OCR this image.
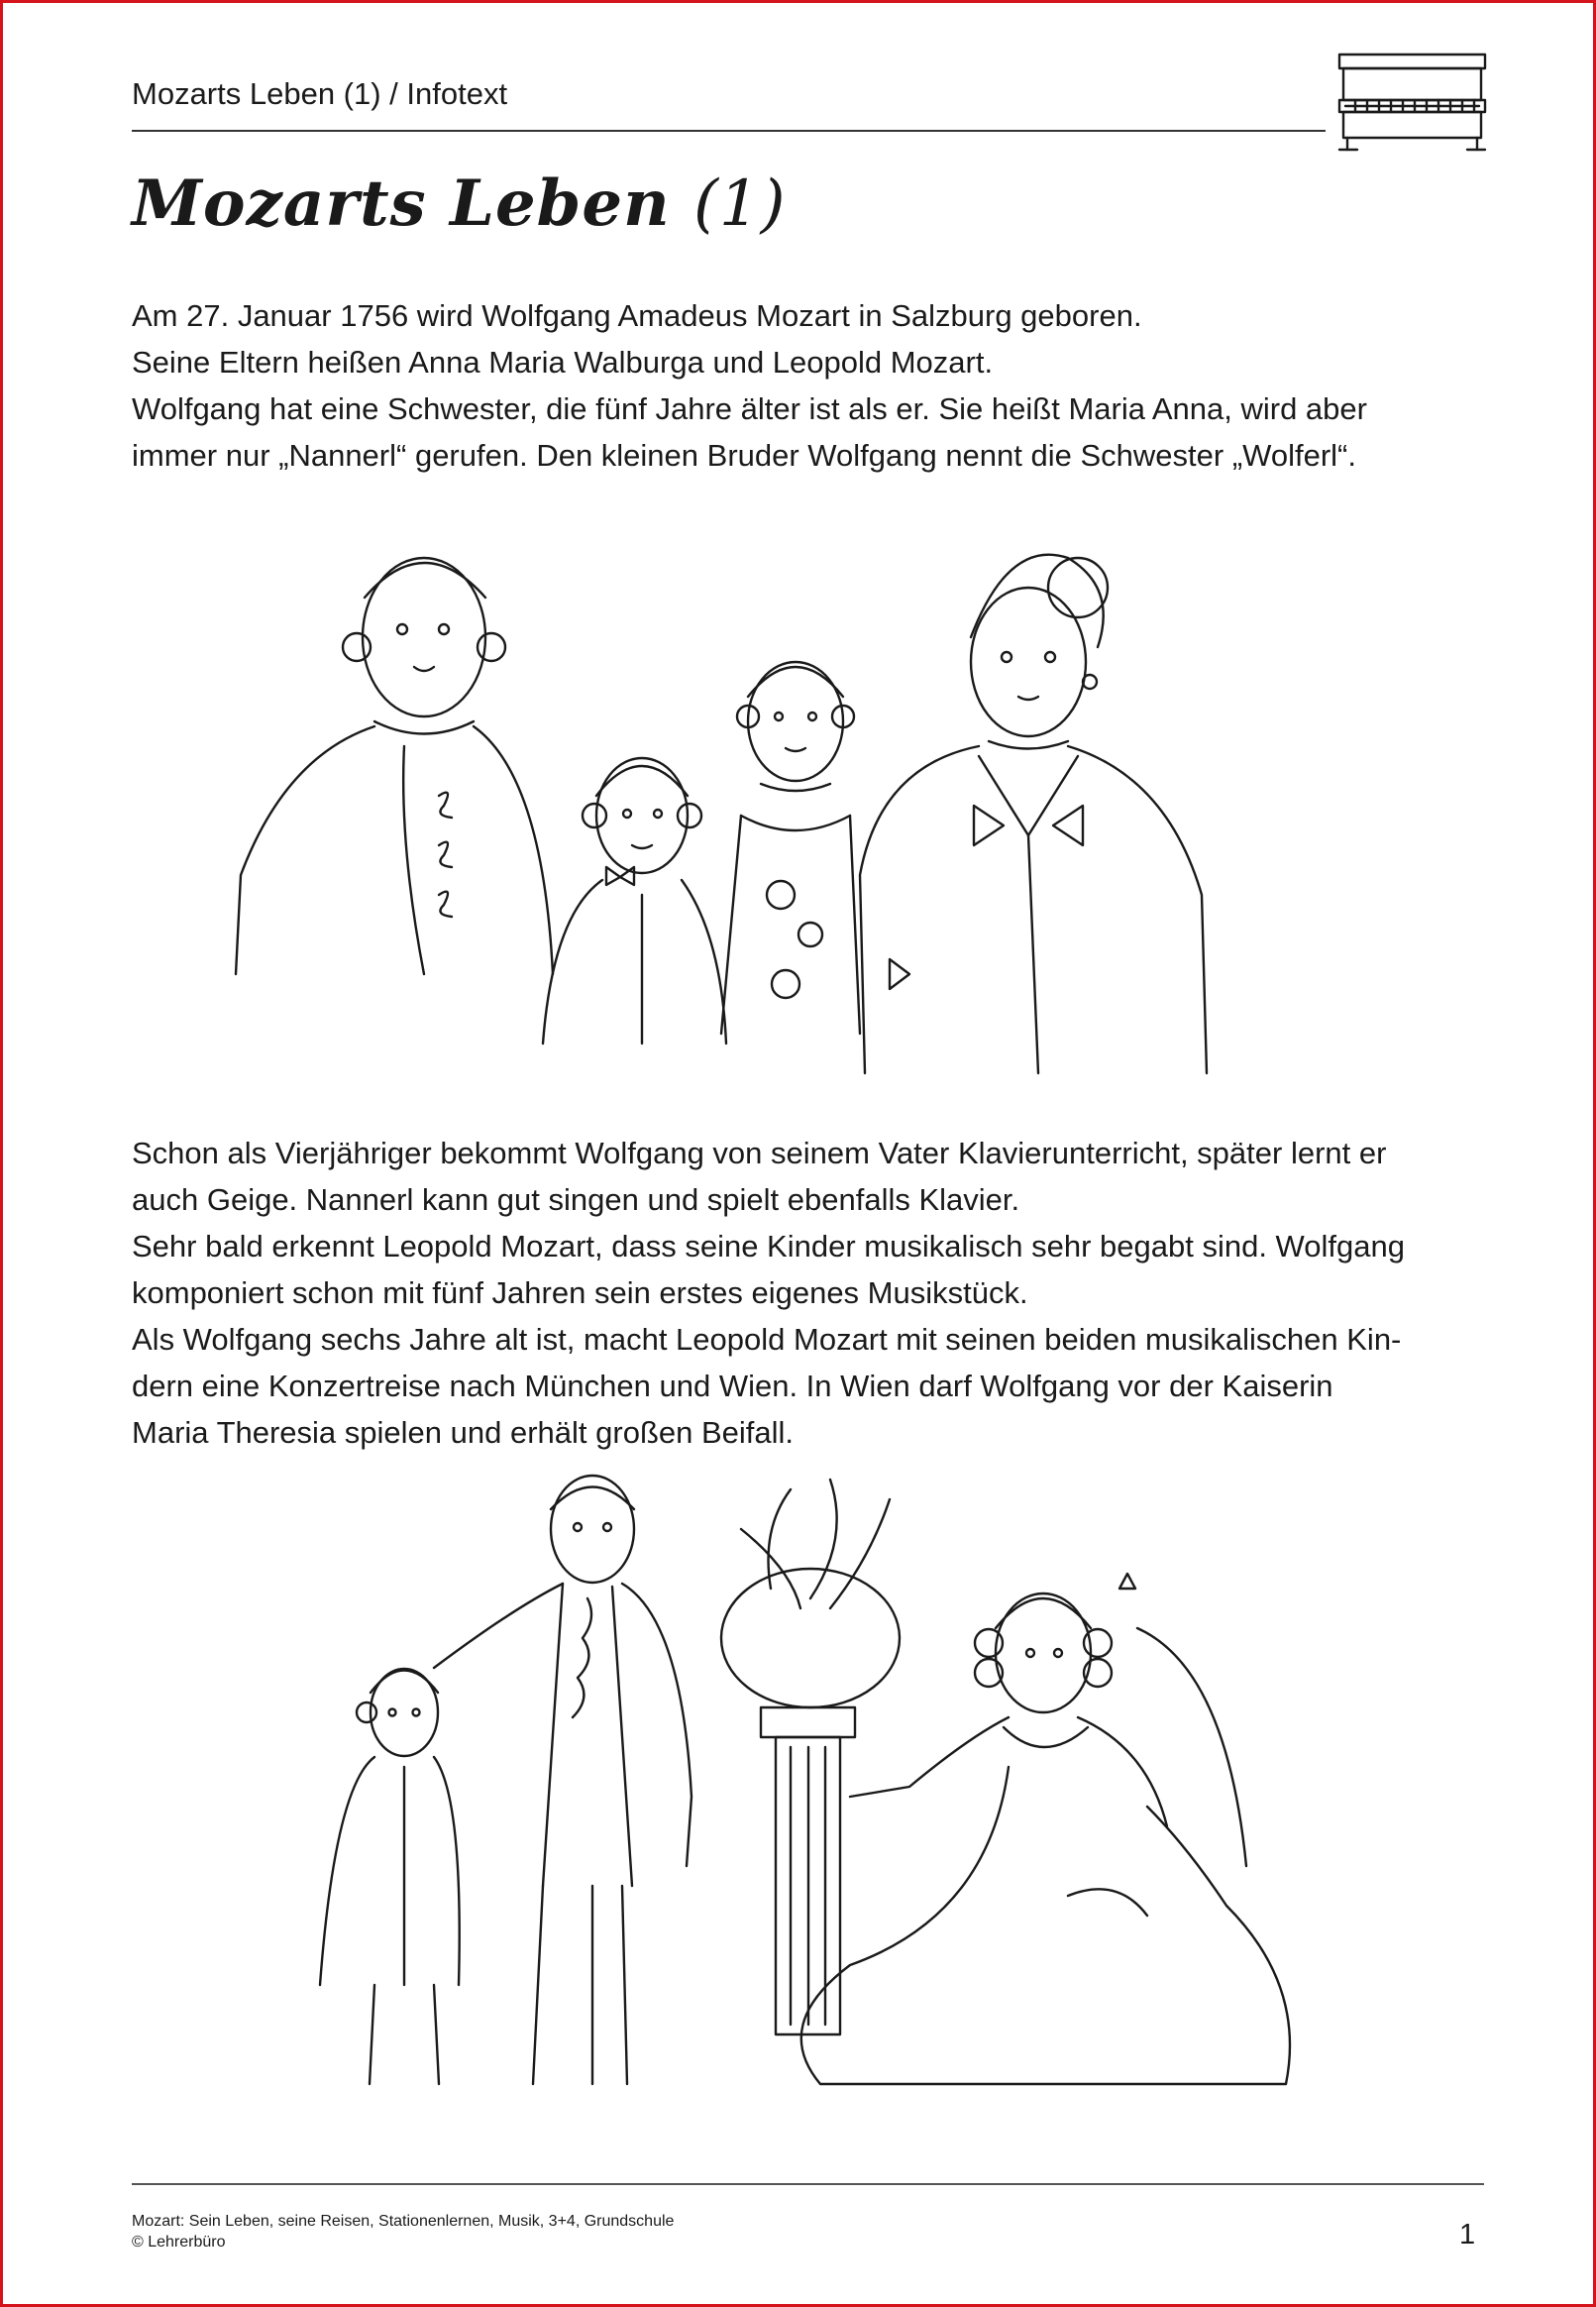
Mozarts Leben (1) / Infotext
Mozarts Leben (1)

Am 27. Januar 1756 wird Wolfgang Amadeus Mozart in Salzburg geboren.

Seine Eltern heißen Anna Maria Walburga und Leopold Mozart.

Wolfgang hat eine Schwester, die fünf Jahre älter ist als er. Sie heißt Maria Anna, wird aber

immer nur „Nannerl“ gerufen. Den kleinen Bruder Wolfgang nennt die Schwester „Wolferl“.

Schon als Vierjähriger bekommt Wolfgang von seinem Vater Klavierunterricht, später lernt er

auch Geige. Nannerl kann gut singen und spielt ebenfalls Klavier.

Sehr bald erkennt Leopold Mozart, dass seine Kinder musikalisch sehr begabt sind. Wolfgang

komponiert schon mit fünf Jahren sein erstes eigenes Musikstück.

Als Wolfgang sechs Jahre alt ist, macht Leopold Mozart mit seinen beiden musikalischen Kin-

dern eine Konzertreise nach München und Wien. In Wien darf Wolfgang vor der Kaiserin

Maria Theresia spielen und erhält großen Beifall.

Mozart: Sein Leben, seine Reisen, Stationenlernen, Musik, 3+4, Grundschule
© Lehrerbüro	1
